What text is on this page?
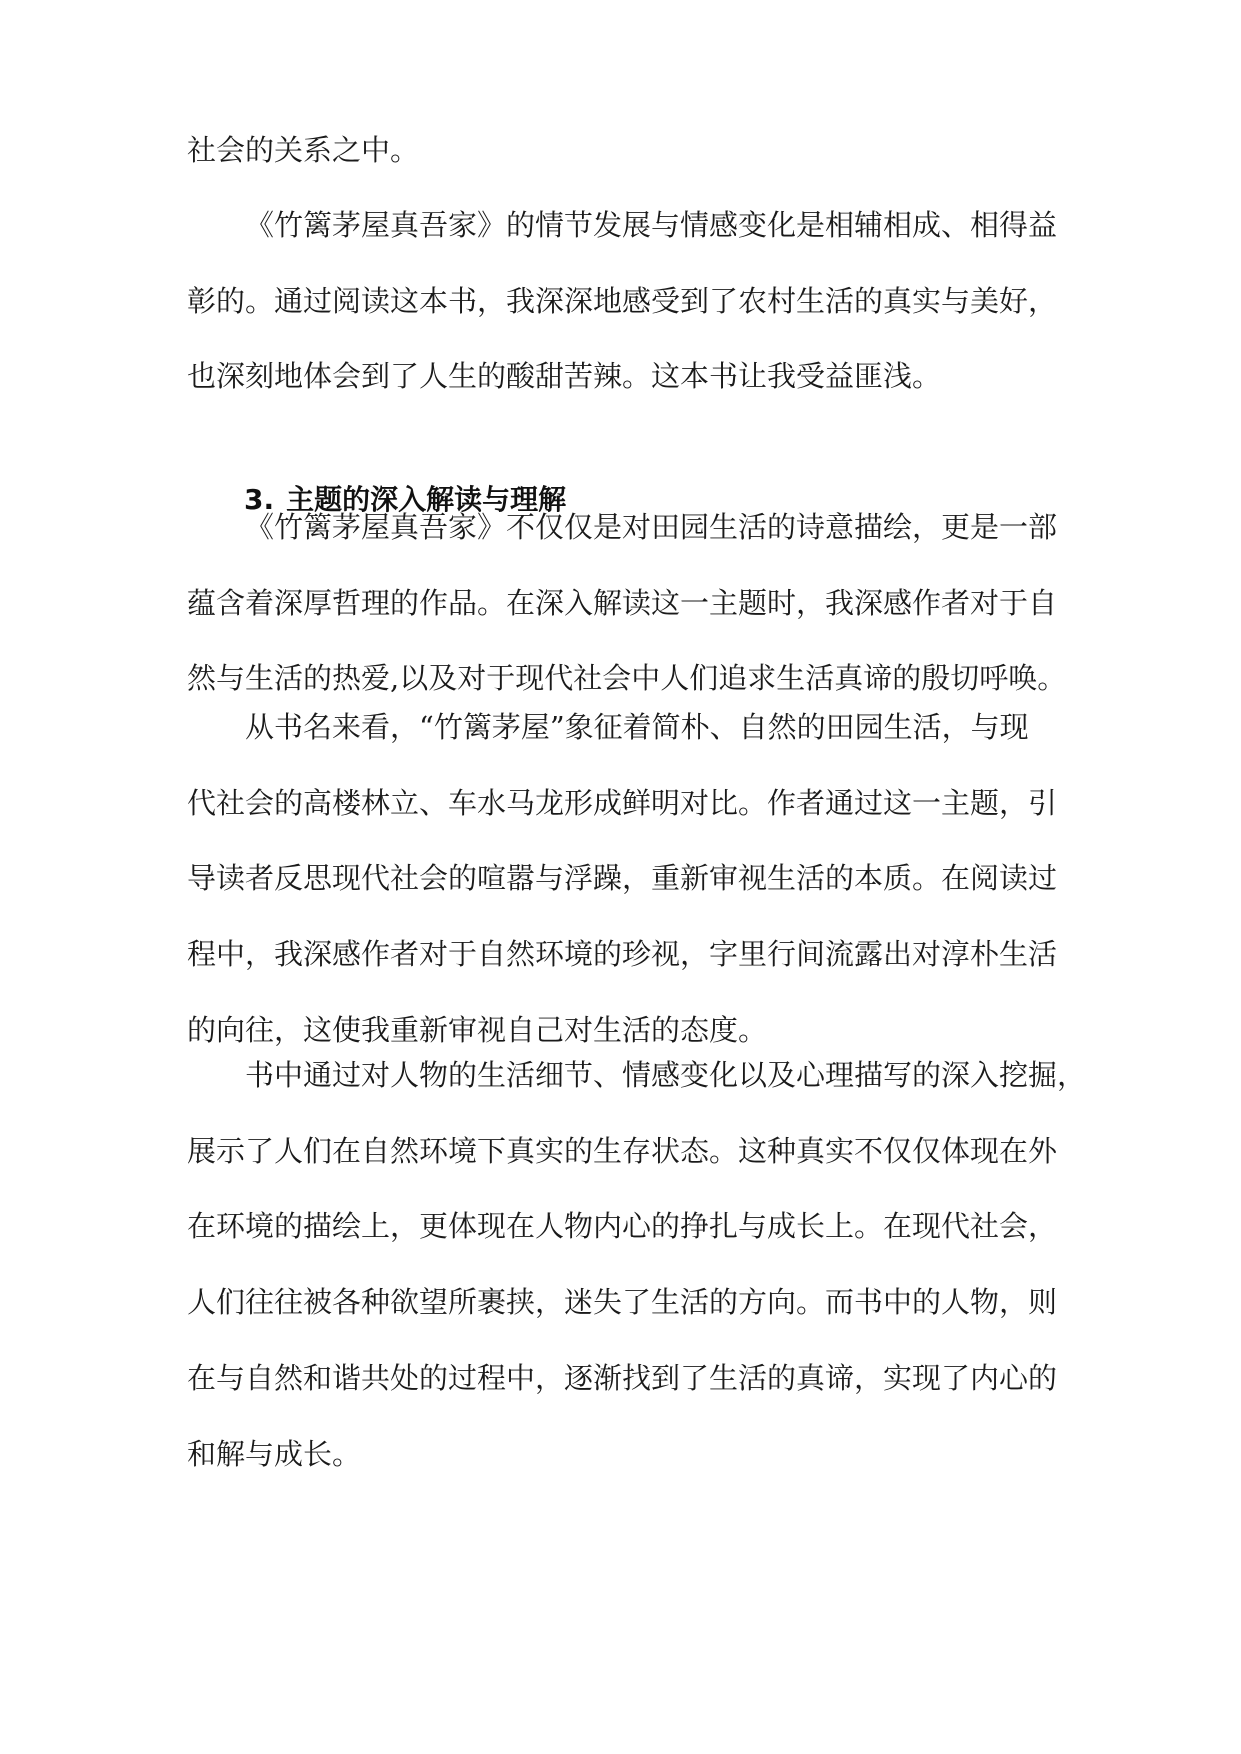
社会的关系之中。
《竹篱茅屋真吾家》的情节发展与情感变化是相辅相成、相得益
彰的。通过阅读这本书，我深深地感受到了农村生活的真实与美好，
也深刻地体会到了人生的酸甜苦辣。这本书让我受益匪浅。
3. 主题的深入解读与理解
《竹篱茅屋真吾家》不仅仅是对田园生活的诗意描绘，更是一部
蕴含着深厚哲理的作品。在深入解读这一主题时，我深感作者对于自
然与生活的热爱,以及对于现代社会中人们追求生活真谛的殷切呼唤。
从书名来看，“竹篱茅屋”象征着简朴、自然的田园生活，与现
代社会的高楼林立、车水马龙形成鲜明对比。作者通过这一主题，引
导读者反思现代社会的喧嚣与浮躁，重新审视生活的本质。在阅读过
程中，我深感作者对于自然环境的珍视，字里行间流露出对淳朴生活
的向往，这使我重新审视自己对生活的态度。
书中通过对人物的生活细节、情感变化以及心理描写的深入挖掘，
展示了人们在自然环境下真实的生存状态。这种真实不仅仅体现在外
在环境的描绘上，更体现在人物内心的挣扎与成长上。在现代社会，
人们往往被各种欲望所裹挟，迷失了生活的方向。而书中的人物，则
在与自然和谐共处的过程中，逐渐找到了生活的真谛，实现了内心的
和解与成长。
